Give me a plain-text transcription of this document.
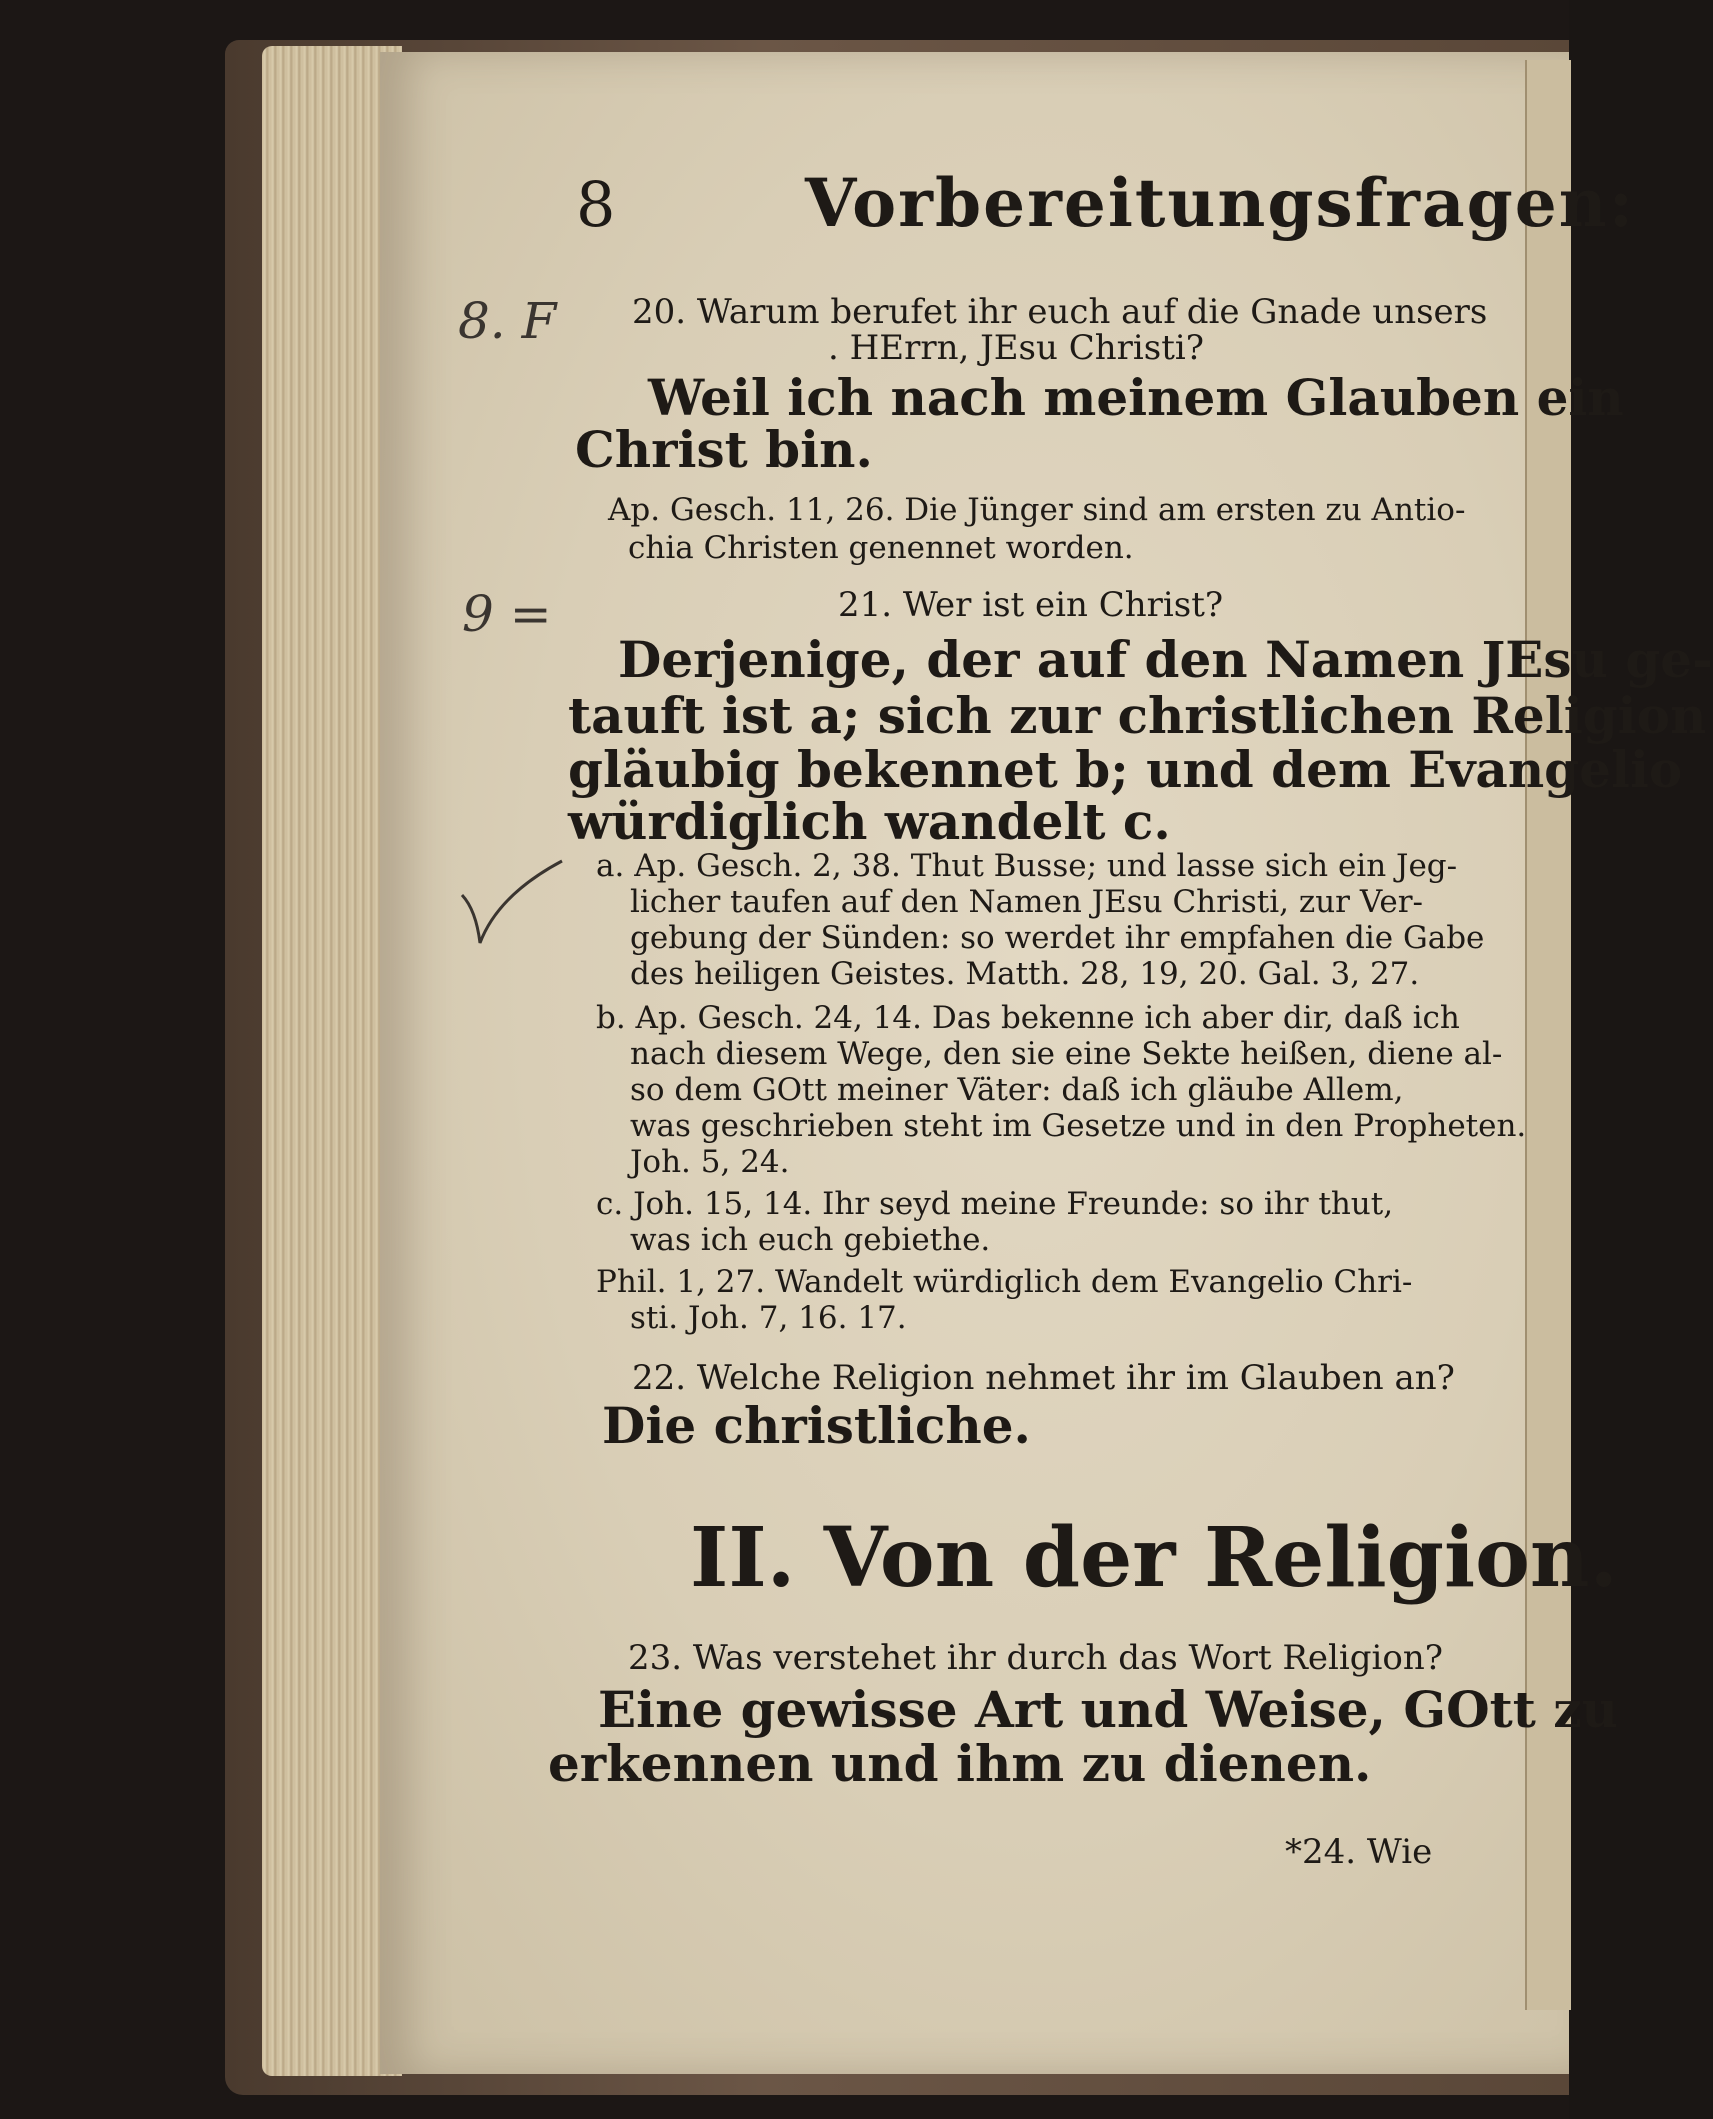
8	Vorbereitungsfragen:
8. F
9 =
20. Warum berufet ihr euch auf die Gnade unsers
. HErrn, JEsu Christi?
Weil ich nach meinem Glauben ein
Christ bin.
Ap. Gesch. 11, 26. Die Jünger sind am ersten zu Antio-
chia Christen genennet worden.
21. Wer ist ein Christ?
Derjenige, der auf den Namen JEsu ge-
tauft ist a; sich zur christlichen Religion
gläubig bekennet b; und dem Evangelio
würdiglich wandelt c.
a. Ap. Gesch. 2, 38. Thut Busse; und lasse sich ein Jeg-
licher taufen auf den Namen JEsu Christi, zur Ver-
gebung der Sünden: so werdet ihr empfahen die Gabe
des heiligen Geistes. Matth. 28, 19, 20. Gal. 3, 27.
b. Ap. Gesch. 24, 14. Das bekenne ich aber dir, daß ich
nach diesem Wege, den sie eine Sekte heißen, diene al-
so dem GOtt meiner Väter: daß ich gläube Allem,
was geschrieben steht im Gesetze und in den Propheten.
Joh. 5, 24.
c. Joh. 15, 14. Ihr seyd meine Freunde: so ihr thut,
was ich euch gebiethe.
Phil. 1, 27. Wandelt würdiglich dem Evangelio Chri-
sti. Joh. 7, 16. 17.
22. Welche Religion nehmet ihr im Glauben an?
Die christliche.
II. Von der Religion.
23. Was verstehet ihr durch das Wort Religion?
Eine gewisse Art und Weise, GOtt zu
erkennen und ihm zu dienen.
*24. Wie
